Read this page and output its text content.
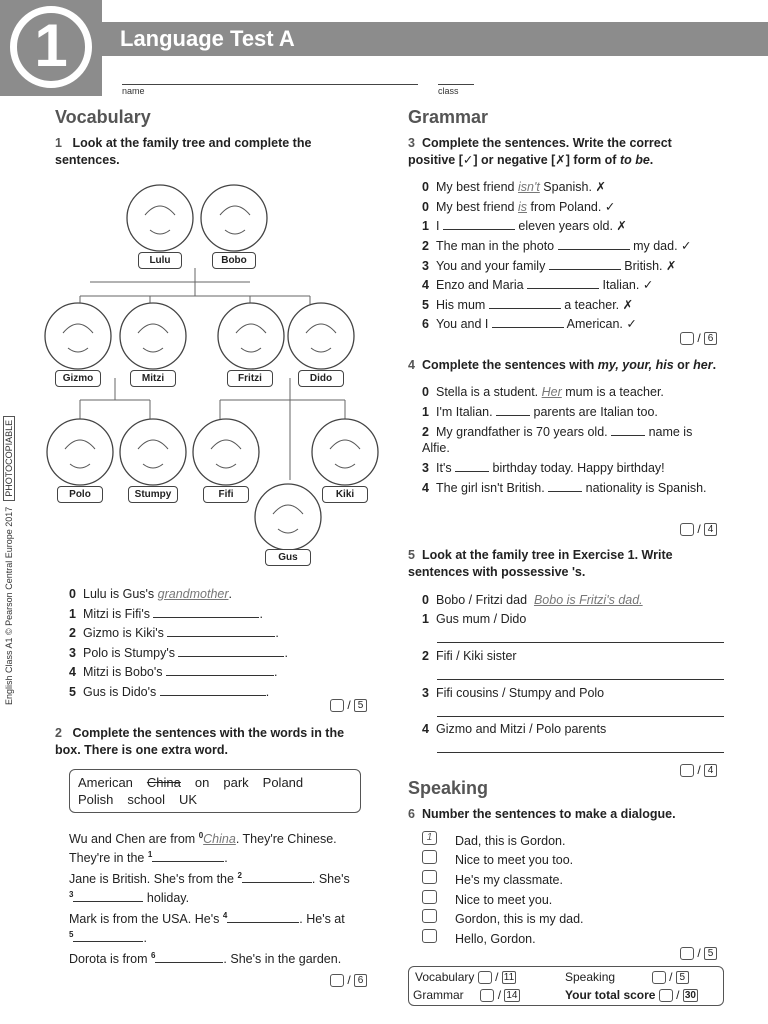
1	Language Test A
name	class
English Class A1 © Pearson Central Europe 2017PHOTOCOPIABLE
Vocabulary
1 Look at the family tree and complete the sentences.
Lulu	Bobo
Gizmo	Mitzi	Fritzi	Dido
Polo	Stumpy	Fifi	Kiki
Gus
0 Lulu is Gus's grandmother.
1 Mitzi is Fifi's	.
2 Gizmo is Kiki's	.
3 Polo is Stumpy's	.
4 Mitzi is Bobo's	.
5 Gus is Dido's	.
/ 5
2 Complete the sentences with the words in the box. There is one extra word.
American China on park Poland
Polish school UK
Wu and Chen are from $^0$China. They're Chinese.
They're in the $^1$	.
Jane is British. She's from the $^2$	. She's
$^3$	holiday.
Mark is from the USA. He's $^4$	. He's at
$^5$	.
Dorota is from $^6$	. She's in the garden.
/ 6
Grammar
3 Complete the sentences. Write the correct positive [✓] or negative [✗] form of to be.
0 My best friend isn't Spanish. ✗
0 My best friend is from Poland. ✓
1 I	eleven years old. ✗
2 The man in the photo	my dad. ✓
3 You and your family	British. ✗
4 Enzo and Maria	Italian. ✓
5 His mum	a teacher. ✗
6 You and I	American. ✓
/ 6
4 Complete the sentences with my, your, his or her.
0 Stella is a student. Her mum is a teacher.
1 I'm Italian.	parents are Italian too.
2 My grandfather is 70 years old.	name is Alfie.
3 It's	birthday today. Happy birthday!
4 The girl isn't British.	nationality is Spanish.
/ 4
5 Look at the family tree in Exercise 1. Write sentences with possessive 's.
0 Bobo / Fritzi dad Bobo is Fritzi's dad.
1 Gus mum / Dido
2 Fifi / Kiki sister
3 Fifi cousins / Stumpy and Polo
4 Gizmo and Mitzi / Polo parents
/ 4
Speaking
6 Number the sentences to make a dialogue.
1	Dad, this is Gordon.
Nice to meet you too.
He's my classmate.
Nice to meet you.
Gordon, this is my dad.
Hello, Gordon.
/ 5
Vocabulary / 11
Grammar	/ 14
Speaking	/ 5
Your total score / 30
